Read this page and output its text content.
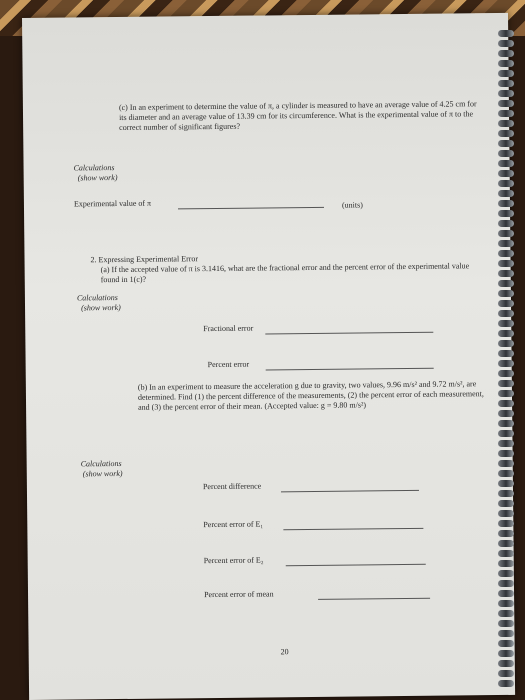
(c) In an experiment to determine the value of π, a cylinder is measured to have an average value of 4.25 cm for its diameter and an average value of 13.39 cm for its circumference. What is the experimental value of π to the correct number of significant figures?
Calculations
(show work)
Experimental value of π	(units)
2. Expressing Experimental Error
(a) If the accepted value of π is 3.1416, what are the fractional error and the percent error of the experimental value found in 1(c)?
Calculations
(show work)
Fractional error
Percent error
(b) In an experiment to measure the acceleration g due to gravity, two values, 9.96 m/s² and 9.72 m/s², are determined. Find (1) the percent difference of the measurements, (2) the percent error of each measurement, and (3) the percent error of their mean. (Accepted value: g = 9.80 m/s²)
Calculations
(show work)
Percent difference
Percent error of E₁
Percent error of E₂
Percent error of mean
20
